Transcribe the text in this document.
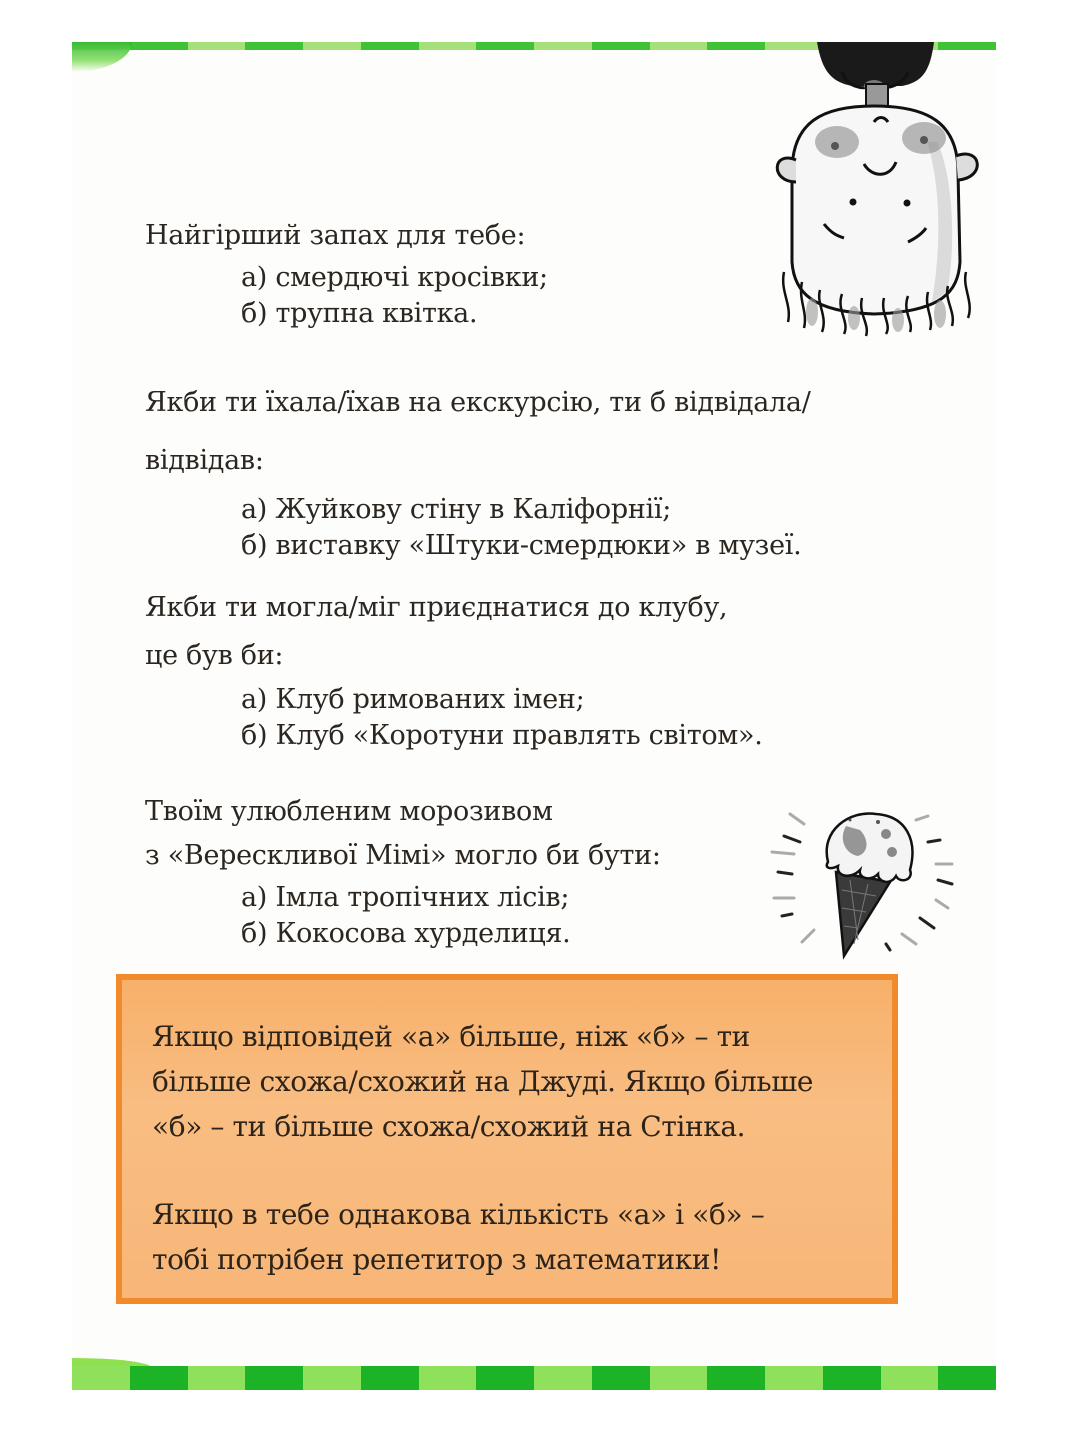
Найгірший запах для тебе:
а) смердючі кросівки;
б) трупна квітка.
Якби ти їхала/їхав на екскурсію, ти б відвідала/
відвідав:
а) Жуйкову стіну в Каліфорнії;
б) виставку «Штуки-смердюки» в музеї.
Якби ти могла/міг приєднатися до клубу,
це був би:
а) Клуб римованих імен;
б) Клуб «Коротуни правлять світом».
Твоїм улюбленим морозивом
з «Верескливої Мімі» могло би бути:
а) Імла тропічних лісів;
б) Кокосова хурделиця.
Якщо відповідей «а» більше, ніж «б» – ти
більше схожа/схожий на Джуді. Якщо більше
«б» – ти більше схожа/схожий на Стінка.
Якщо в тебе однакова кількість «а» і «б» –
тобі потрібен репетитор з математики!
